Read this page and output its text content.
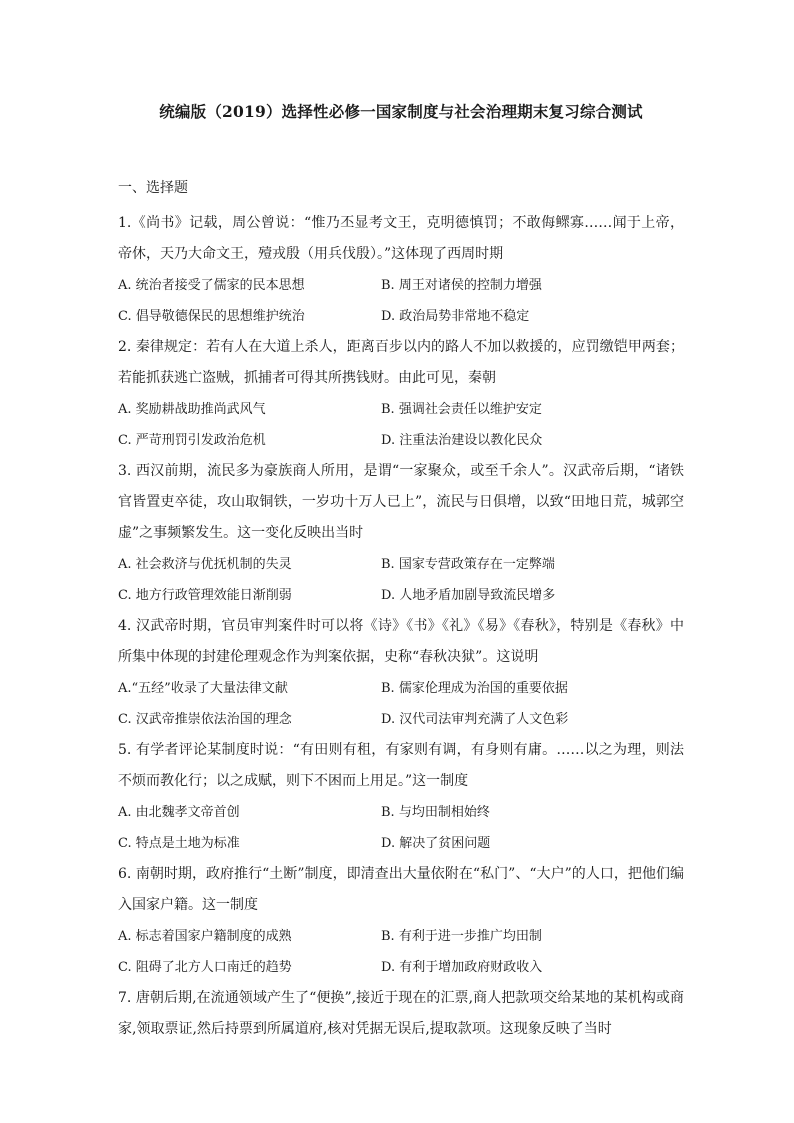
统编版（2019）选择性必修一国家制度与社会治理期末复习综合测试
一、选择题

1.《尚书》记载，周公曾说：“惟乃丕显考文王，克明德慎罚；不敢侮鳏寡……闻于上帝，帝休，天乃大命文王，殪戎殷（用兵伐殷）。”这体现了西周时期

A. 统治者接受了儒家的民本思想	B. 周王对诸侯的控制力增强
C. 倡导敬德保民的思想维护统治	D. 政治局势非常地不稳定

2. 秦律规定：若有人在大道上杀人，距离百步以内的路人不加以救援的，应罚缴铠甲两套；若能抓获逃亡盗贼，抓捕者可得其所携钱财。由此可见，秦朝

A. 奖励耕战助推尚武风气	B. 强调社会责任以维护安定
C. 严苛刑罚引发政治危机	D. 注重法治建设以教化民众

3. 西汉前期，流民多为豪族商人所用，是谓“一家聚众，或至千余人”。汉武帝后期，“诸铁官皆置吏卒徒，攻山取铜铁，一岁功十万人已上”，流民与日俱增，以致“田地日荒，城郭空虚”之事频繁发生。这一变化反映出当时

A. 社会救济与优抚机制的失灵	B. 国家专营政策存在一定弊端
C. 地方行政管理效能日渐削弱	D. 人地矛盾加剧导致流民增多

4. 汉武帝时期，官员审判案件时可以将《诗》《书》《礼》《易》《春秋》，特别是《春秋》中所集中体现的封建伦理观念作为判案依据，史称“春秋决狱”。这说明

A.“五经”收录了大量法律文献	B. 儒家伦理成为治国的重要依据
C. 汉武帝推崇依法治国的理念	D. 汉代司法审判充满了人文色彩

5. 有学者评论某制度时说：“有田则有租，有家则有调，有身则有庸。……以之为理，则法不烦而教化行；以之成赋，则下不困而上用足。”这一制度

A. 由北魏孝文帝首创	B. 与均田制相始终
C. 特点是土地为标准	D. 解决了贫困问题

6. 南朝时期，政府推行“土断”制度，即清查出大量依附在“私门”、“大户”的人口，把他们编入国家户籍。这一制度

A. 标志着国家户籍制度的成熟	B. 有利于进一步推广均田制
C. 阻碍了北方人口南迁的趋势	D. 有利于增加政府财政收入

7. 唐朝后期,在流通领域产生了“便换”,接近于现在的汇票,商人把款项交给某地的某机构或商家,领取票证,然后持票到所属道府,核对凭据无误后,提取款项。这现象反映了当时
